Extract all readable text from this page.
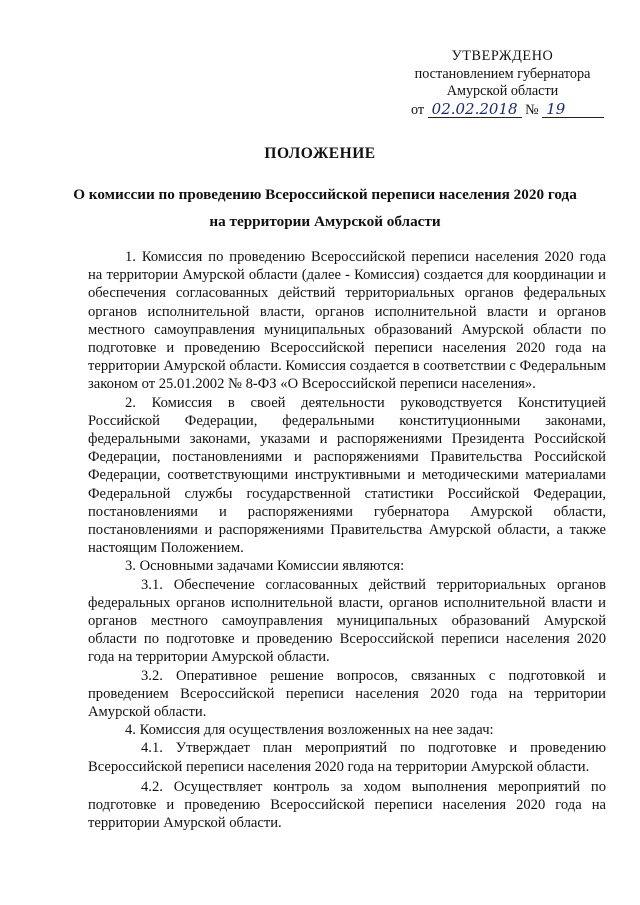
УТВЕРЖДЕНО
постановлением губернатора
Амурской области
от 02.02.2018 № 19
ПОЛОЖЕНИЕ
О комиссии по проведению Всероссийской переписи населения 2020 года
на территории Амурской области

1. Комиссия по проведению Всероссийской переписи населения 2020 года на территории Амурской области (далее - Комиссия) создается для координации и обеспечения согласованных действий территориальных органов федеральных органов исполнительной власти, органов исполнительной власти и органов местного самоуправления муниципальных образований Амурской области по подготовке и проведению Всероссийской переписи населения 2020 года на территории Амурской области. Комиссия создается в соответствии с Федеральным законом от 25.01.2002 № 8-ФЗ «О Всероссийской переписи населения».

2. Комиссия в своей деятельности руководствуется Конституцией Российской Федерации, федеральными конституционными законами, федеральными законами, указами и распоряжениями Президента Российской Федерации, постановлениями и распоряжениями Правительства Российской Федерации, соответствующими инструктивными и методическими материалами Федеральной службы государственной статистики Российской Федерации, постановлениями и распоряжениями губернатора Амурской области, постановлениями и распоряжениями Правительства Амурской области, а также настоящим Положением.

3. Основными задачами Комиссии являются:

3.1. Обеспечение согласованных действий территориальных органов федеральных органов исполнительной власти, органов исполнительной власти и органов местного самоуправления муниципальных образований Амурской области по подготовке и проведению Всероссийской переписи населения 2020 года на территории Амурской области.

3.2. Оперативное решение вопросов, связанных с подготовкой и проведением Всероссийской переписи населения 2020 года на территории Амурской области.

4. Комиссия для осуществления возложенных на нее задач:

4.1. Утверждает план мероприятий по подготовке и проведению Всероссийской переписи населения 2020 года на территории Амурской области.

4.2. Осуществляет контроль за ходом выполнения мероприятий по подготовке и проведению Всероссийской переписи населения 2020 года на территории Амурской области.
